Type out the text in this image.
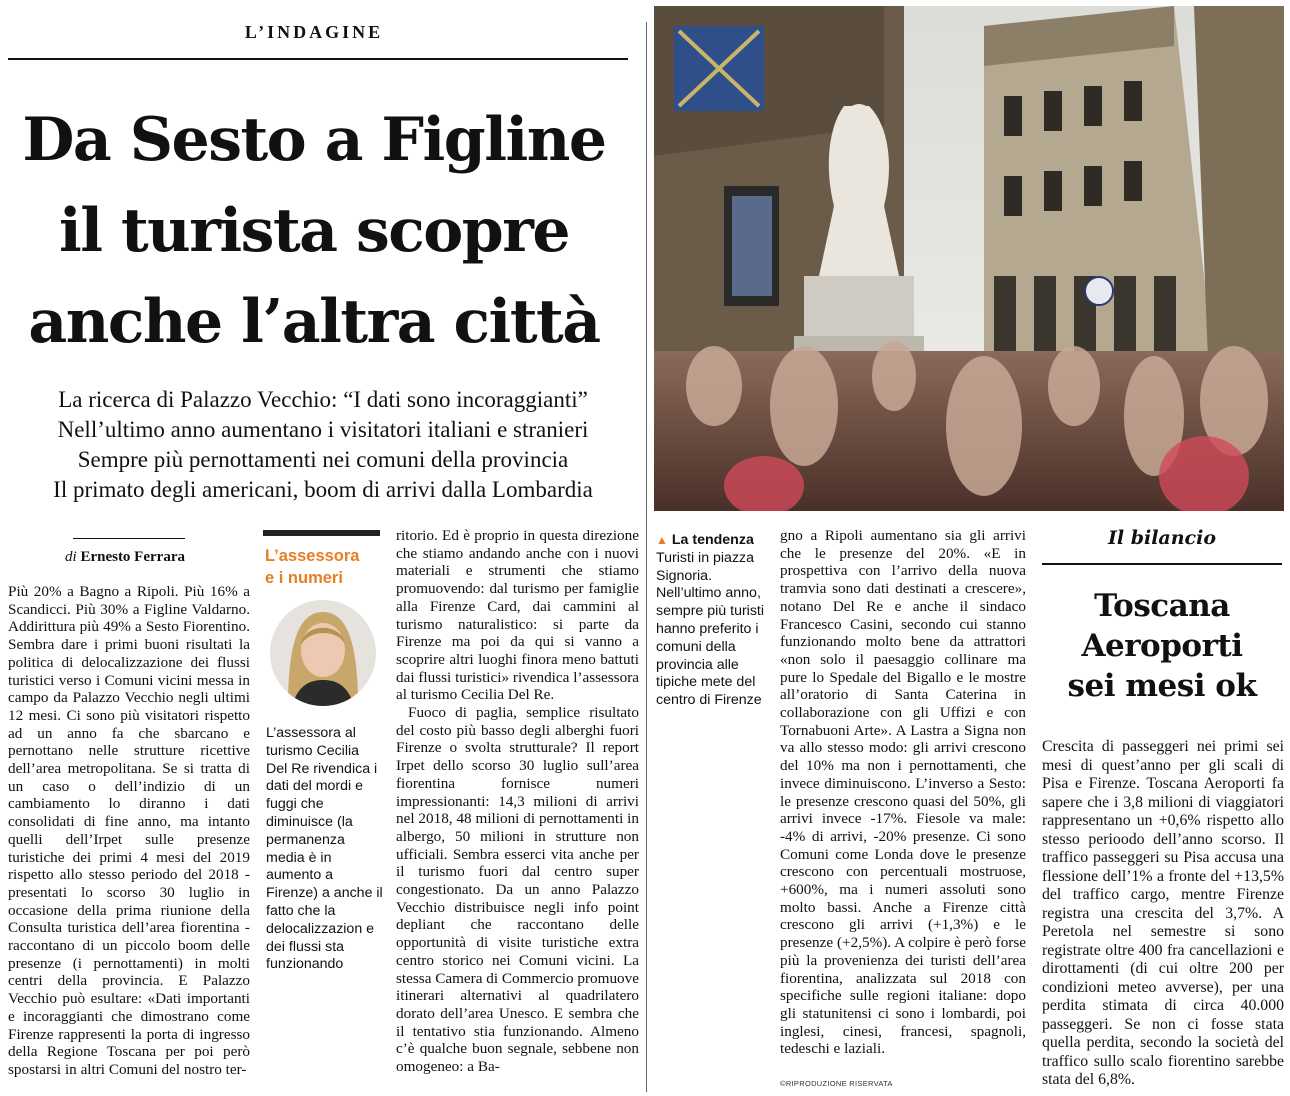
L’INDAGINE
Da Sesto a Figline
il turista scopre
anche l’altra città
La ricerca di Palazzo Vecchio: “I dati sono incoraggianti”
Nell’ultimo anno aumentano i visitatori italiani e stranieri
Sempre più pernottamenti nei comuni della provincia
Il primato degli americani, boom di arrivi dalla Lombardia
di Ernesto Ferrara

Più 20% a Bagno a Ripoli. Più 16% a Scandicci. Più 30% a Figline Valdarno. Addirittura più 49% a Sesto Fiorentino. Sembra dare i primi buoni risultati la politica di delocalizzazione dei flussi turistici verso i Comuni vicini messa in campo da Palazzo Vecchio negli ultimi 12 mesi. Ci sono più visitatori rispetto ad un anno fa che sbarcano e pernottano nelle strutture ricettive dell’area metropolitana. Se si tratta di un caso o dell’indizio di un cambiamento lo diranno i dati consolidati di fine anno, ma intanto quelli dell’Irpet sulle presenze turistiche dei primi 4 mesi del 2019 rispetto allo stesso periodo del 2018 - presentati lo scorso 30 luglio in occasione della prima riunione della Consulta turistica dell’area fiorentina - raccontano di un piccolo boom delle presenze (i pernottamenti) in molti centri della provincia. E Palazzo Vecchio può esultare: «Dati importanti e incoraggianti che dimostrano come Firenze rappresenti la porta di ingresso della Regione Toscana per poi però spostarsi in altri Comuni del nostro ter-

L’assessora
e i numeri
L’assessora al turismo Cecilia Del Re rivendica i dati del mordi e fuggi che diminuisce (la permanenza media è in aumento a Firenze) a anche il fatto che la delocalizzazion e dei flussi sta funzionando

ritorio. Ed è proprio in questa direzione che stiamo andando anche con i nuovi materiali e strumenti che stiamo promuovendo: dal turismo per famiglie alla Firenze Card, dai cammini al turismo naturalistico: si parte da Firenze ma poi da qui si vanno a scoprire altri luoghi finora meno battuti dai flussi turistici» rivendica l’assessora al turismo Cecilia Del Re.

Fuoco di paglia, semplice risultato del costo più basso degli alberghi fuori Firenze o svolta strutturale? Il report Irpet dello scorso 30 luglio sull’area fiorentina fornisce numeri impressionanti: 14,3 milioni di arrivi nel 2018, 48 milioni di pernottamenti in albergo, 50 milioni in strutture non ufficiali. Sembra esserci vita anche per il turismo fuori dal centro super congestionato. Da un anno Palazzo Vecchio distribuisce negli info point depliant che raccontano delle opportunità di visite turistiche extra centro storico nei Comuni vicini. La stessa Camera di Commercio promuove itinerari alternativi al quadrilatero dorato dell’area Unesco. E sembra che il tentativo stia funzionando. Almeno c’è qualche buon segnale, sebbene non omogeneo: a Ba-

▲ La tendenza
Turisti in piazza Signoria. Nell’ultimo anno, sempre più turisti hanno preferito i comuni della provincia alle tipiche mete del centro di Firenze

gno a Ripoli aumentano sia gli arrivi che le presenze del 20%. «E in prospettiva con l’arrivo della nuova tramvia sono dati destinati a crescere», notano Del Re e anche il sindaco Francesco Casini, secondo cui stanno funzionando molto bene da attrattori «non solo il paesaggio collinare ma pure lo Spedale del Bigallo e le mostre all’oratorio di Santa Caterina in collaborazione con gli Uffizi e con Tornabuoni Arte». A Lastra a Signa non va allo stesso modo: gli arrivi crescono del 10% ma non i pernottamenti, che invece diminuiscono. L’inverso a Sesto: le presenze crescono quasi del 50%, gli arrivi invece -17%. Fiesole va male: -4% di arrivi, -20% presenze. Ci sono Comuni come Londa dove le presenze crescono con percentuali mostruose, +600%, ma i numeri assoluti sono molto bassi. Anche a Firenze città crescono gli arrivi (+1,3%) e le presenze (+2,5%). A colpire è però forse più la provenienza dei turisti dell’area fiorentina, analizzata sul 2018 con specifiche sulle regioni italiane: dopo gli statunitensi ci sono i lombardi, poi inglesi, cinesi, francesi, spagnoli, tedeschi e laziali.

©RIPRODUZIONE RISERVATA
Il bilancio
Toscana
Aeroporti
sei mesi ok
Crescita di passeggeri nei primi sei mesi di quest’anno per gli scali di Pisa e Firenze. Toscana Aeroporti fa sapere che i 3,8 milioni di viaggiatori rappresentano un +0,6% rispetto allo stesso perioodo dell’anno scorso. Il traffico passeggeri su Pisa accusa una flessione dell’1% a fronte del +13,5% del traffico cargo, mentre Firenze registra una crescita del 3,7%. A Peretola nel semestre si sono registrate oltre 400 fra cancellazioni e dirottamenti (di cui oltre 200 per condizioni meteo avverse), per una perdita stimata di circa 40.000 passeggeri. Se non ci fosse stata quella perdita, secondo la società del traffico sullo scalo fiorentino sarebbe stata del 6,8%.
